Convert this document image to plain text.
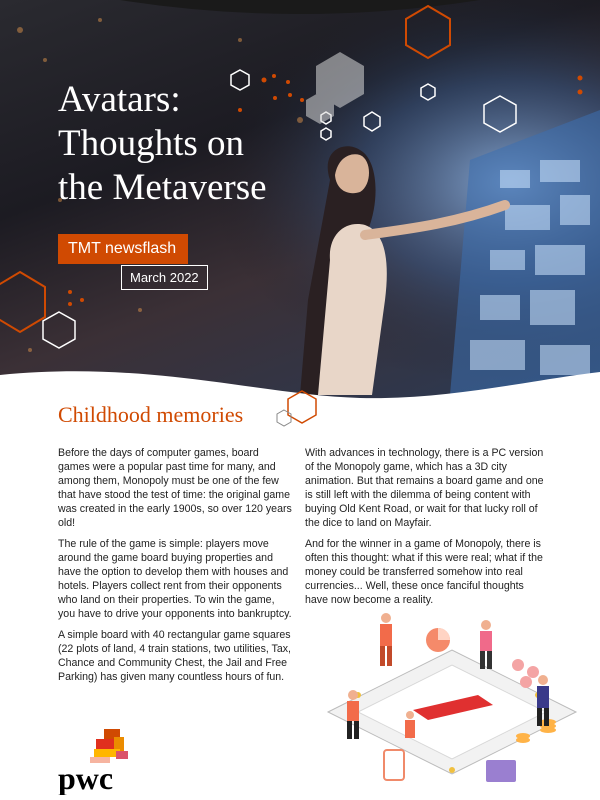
Avatars:
Thoughts on
the Metaverse
TMT newsflash
March 2022
Childhood memories

Before the days of computer games, board games were a popular past time for many, and among them, Monopoly must be one of the few that have stood the test of time: the original game was created in the early 1900s, so over 120 years old!

The rule of the game is simple: players move around the game board buying properties and have the option to develop them with houses and hotels. Players collect rent from their opponents who land on their properties. To win the game, you have to drive your opponents into bankruptcy.

A simple board with 40 rectangular game squares (22 plots of land, 4 train stations, two utilities, Tax, Chance and Community Chest, the Jail and Free Parking) has given many countless hours of fun.

With advances in technology, there is a PC version of the Monopoly game, which has a 3D city animation. But that remains a board game and one is still left with the dilemma of being content with buying Old Kent Road, or wait for that lucky roll of the dice to land on Mayfair.

And for the winner in a game of Monopoly, there is often this thought: what if this were real; what if the money could be transferred somehow into real currencies... Well, these once fanciful thoughts have now become a reality.

pwc
